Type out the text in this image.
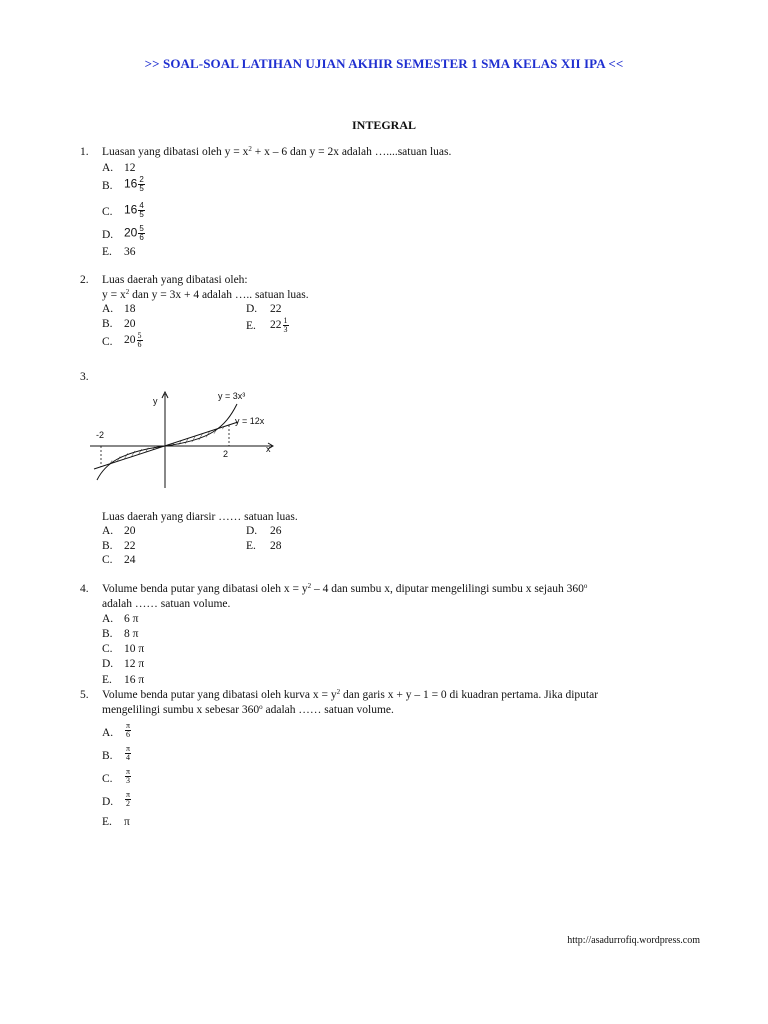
>> SOAL-SOAL LATIHAN UJIAN AKHIR SEMESTER 1 SMA KELAS XII IPA <<
INTEGRAL
1.	Luasan yang dibatasi oleh $y = x^2 + x - 6$ dan y = 2x adalah …....satuan luas.
A. 12
B. $16 \frac{2}{5}$
C. $16 \frac{4}{5}$
D. $20 \frac{5}{6}$
E. 36
2.	Luas daerah yang dibatasi oleh:
$y = x^2$ dan y = 3x + 4 adalah ….. satuan luas.
A. 18	D. 22
B. 20	E. $22 \frac{1}{3}$
C. $20 \frac{5}{6}$
3.
y
x
y = 3x³
y = 12x
-2
2
Luas daerah yang diarsir …… satuan luas.
A. 20	D. 26
B. 22	E. 28
C. 24
4.	Volume benda putar yang dibatasi oleh $x = y^2 - 4$ dan sumbu x, diputar mengelilingi sumbu x sejauh 360$^o$
adalah …… satuan volume.
A. 6 π
B. 8 π
C. 10 π
D. 12 π
E. 16 π
5.	Volume benda putar yang dibatasi oleh kurva $x = y^2$ dan garis x + y – 1 = 0 di kuadran pertama. Jika diputar
mengelilingi sumbu x sebesar 360$^o$ adalah …… satuan volume.
A. $\frac{\pi}{6}$
B. $\frac{\pi}{4}$
C. $\frac{\pi}{3}$
D. $\frac{\pi}{2}$
E. π
http://asadurrofiq.wordpress.com
